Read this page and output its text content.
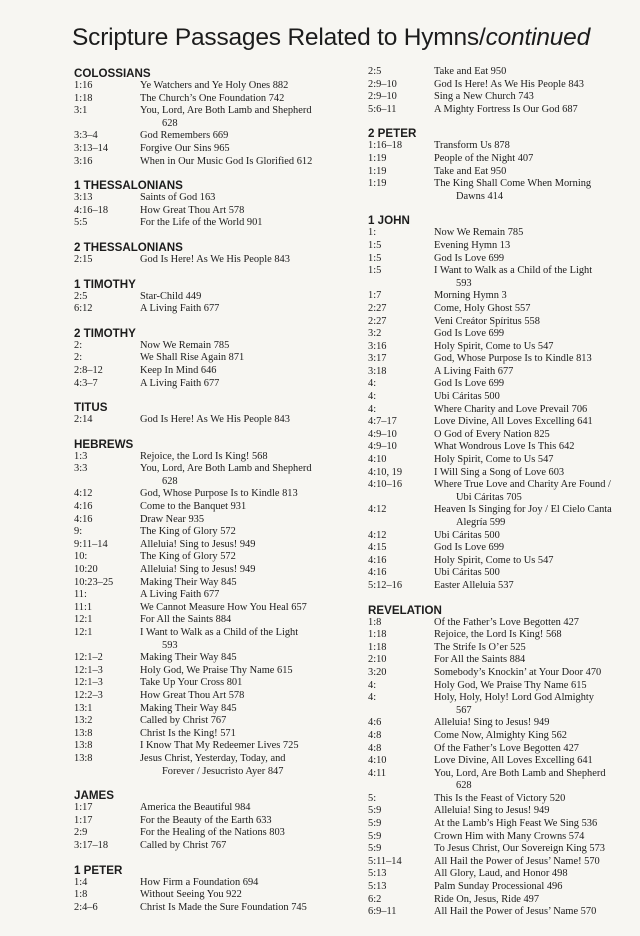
Scripture Passages Related to Hymns/continued
COLOSSIANS
1:16	Ye Watchers and Ye Holy Ones 882
1:18	The Church’s One Foundation 742
3:1	You, Lord, Are Both Lamb and Shepherd
628
3:3–4	God Remembers 669
3:13–14	Forgive Our Sins 965
3:16	When in Our Music God Is Glorified 612
1 THESSALONIANS
3:13	Saints of God 163
4:16–18	How Great Thou Art 578
5:5	For the Life of the World 901
2 THESSALONIANS
2:15	God Is Here! As We His People 843
1 TIMOTHY
2:5	Star-Child 449
6:12	A Living Faith 677
2 TIMOTHY
2:	Now We Remain 785
2:	We Shall Rise Again 871
2:8–12	Keep In Mind 646
4:3–7	A Living Faith 677
TITUS
2:14	God Is Here! As We His People 843
HEBREWS
1:3	Rejoice, the Lord Is King! 568
3:3	You, Lord, Are Both Lamb and Shepherd
628
4:12	God, Whose Purpose Is to Kindle 813
4:16	Come to the Banquet 931
4:16	Draw Near 935
9:	The King of Glory 572
9:11–14	Alleluia! Sing to Jesus! 949
10:	The King of Glory 572
10:20	Alleluia! Sing to Jesus! 949
10:23–25	Making Their Way 845
11:	A Living Faith 677
11:1	We Cannot Measure How You Heal 657
12:1	For All the Saints 884
12:1	I Want to Walk as a Child of the Light
593
12:1–2	Making Their Way 845
12:1–3	Holy God, We Praise Thy Name 615
12:1–3	Take Up Your Cross 801
12:2–3	How Great Thou Art 578
13:1	Making Their Way 845
13:2	Called by Christ 767
13:8	Christ Is the King! 571
13:8	I Know That My Redeemer Lives 725
13:8	Jesus Christ, Yesterday, Today, and
Forever / Jesucristo Ayer 847
JAMES
1:17	America the Beautiful 984
1:17	For the Beauty of the Earth 633
2:9	For the Healing of the Nations 803
3:17–18	Called by Christ 767
1 PETER
1:4	How Firm a Foundation 694
1:8	Without Seeing You 922
2:4–6	Christ Is Made the Sure Foundation 745
2:5	Take and Eat 950
2:9–10	God Is Here! As We His People 843
2:9–10	Sing a New Church 743
5:6–11	A Mighty Fortress Is Our God 687
2 PETER
1:16–18	Transform Us 878
1:19	People of the Night 407
1:19	Take and Eat 950
1:19	The King Shall Come When Morning
Dawns 414
1 JOHN
1:	Now We Remain 785
1:5	Evening Hymn 13
1:5	God Is Love 699
1:5	I Want to Walk as a Child of the Light
593
1:7	Morning Hymn 3
2:27	Come, Holy Ghost 557
2:27	Veni Creátor Spíritus 558
3:2	God Is Love 699
3:16	Holy Spirit, Come to Us 547
3:17	God, Whose Purpose Is to Kindle 813
3:18	A Living Faith 677
4:	God Is Love 699
4:	Ubi Cáritas 500
4:	Where Charity and Love Prevail 706
4:7–17	Love Divine, All Loves Excelling 641
4:9–10	O God of Every Nation 825
4:9–10	What Wondrous Love Is This 642
4:10	Holy Spirit, Come to Us 547
4:10, 19	I Will Sing a Song of Love 603
4:10–16	Where True Love and Charity Are Found /
Ubi Cáritas 705
4:12	Heaven Is Singing for Joy / El Cielo Canta
Alegría 599
4:12	Ubi Cáritas 500
4:15	God Is Love 699
4:16	Holy Spirit, Come to Us 547
4:16	Ubi Cáritas 500
5:12–16	Easter Alleluia 537
REVELATION
1:8	Of the Father’s Love Begotten 427
1:18	Rejoice, the Lord Is King! 568
1:18	The Strife Is O’er 525
2:10	For All the Saints 884
3:20	Somebody’s Knockin’ at Your Door 470
4:	Holy God, We Praise Thy Name 615
4:	Holy, Holy, Holy! Lord God Almighty
567
4:6	Alleluia! Sing to Jesus! 949
4:8	Come Now, Almighty King 562
4:8	Of the Father’s Love Begotten 427
4:10	Love Divine, All Loves Excelling 641
4:11	You, Lord, Are Both Lamb and Shepherd
628
5:	This Is the Feast of Victory 520
5:9	Alleluia! Sing to Jesus! 949
5:9	At the Lamb’s High Feast We Sing 536
5:9	Crown Him with Many Crowns 574
5:9	To Jesus Christ, Our Sovereign King 573
5:11–14	All Hail the Power of Jesus’ Name! 570
5:13	All Glory, Laud, and Honor 498
5:13	Palm Sunday Processional 496
6:2	Ride On, Jesus, Ride 497
6:9–11	All Hail the Power of Jesus’ Name 570
